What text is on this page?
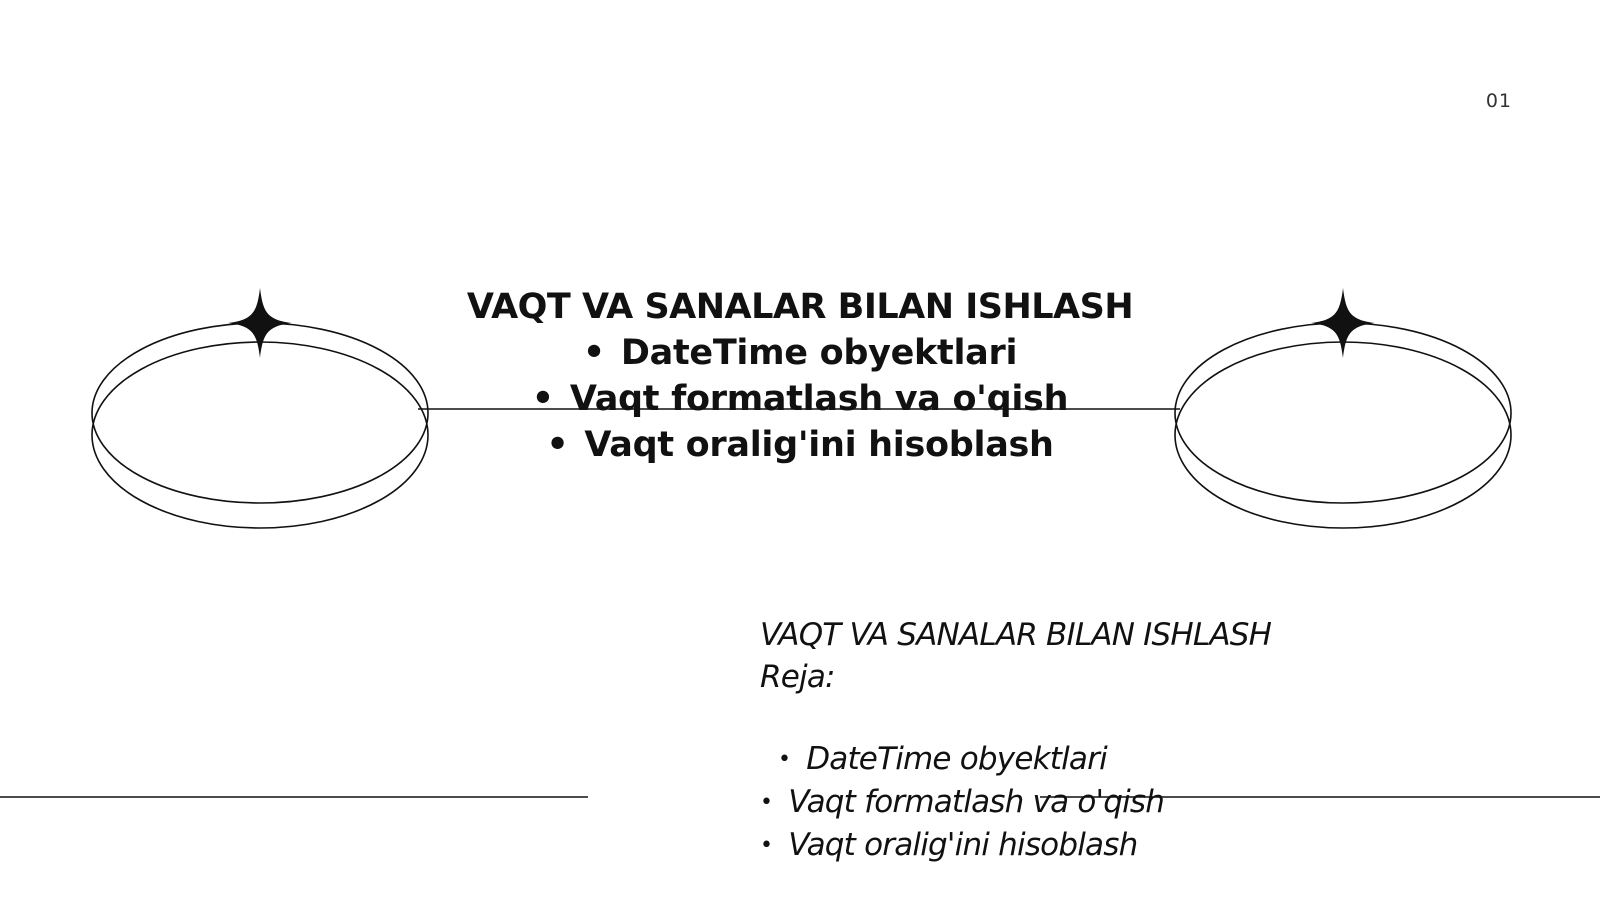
01
VAQT VA SANALAR BILAN ISHLASH
• DateTime obyektlari
• Vaqt formatlash va o'qish
• Vaqt oralig'ini hisoblash
VAQT VA SANALAR BILAN ISHLASH
Reja:
• DateTime obyektlari
• Vaqt formatlash va o'qish
• Vaqt oralig'ini hisoblash
